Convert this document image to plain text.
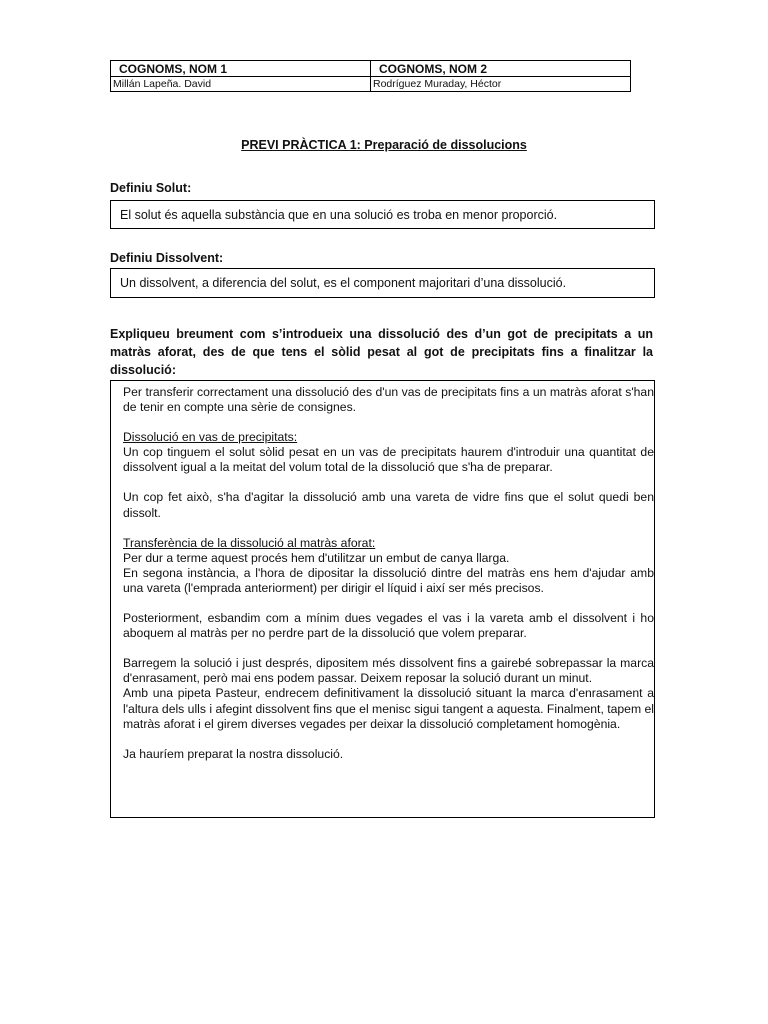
COGNOMS, NOM 1	COGNOMS, NOM 2
Millán Lapeña. David	Rodríguez Muraday, Héctor
PREVI PRÀCTICA 1: Preparació de dissolucions
Definiu Solut:
El solut és aquella substància que en una solució es troba en menor proporció.
Definiu Dissolvent:
Un dissolvent, a diferencia del solut, es el component majoritari d’una dissolució.
Expliqueu breument com s’introdueix una dissolució des d’un got de precipitats a un matràs aforat, des de que tens el sòlid pesat al got de precipitats fins a finalitzar la dissolució:

Per transferir correctament una dissolució des d'un vas de precipitats fins a un matràs aforat s'han de tenir en compte una sèrie de consignes.

Dissolució en vas de precipitats:

Un cop tinguem el solut sòlid pesat en un vas de precipitats haurem d'introduir una quantitat de dissolvent igual a la meitat del volum total de la dissolució que s'ha de preparar.

Un cop fet això, s'ha d'agitar la dissolució amb una vareta de vidre fins que el solut quedi ben dissolt.

Transferència de la dissolució al matràs aforat:

Per dur a terme aquest procés hem d'utilitzar un embut de canya llarga.

En segona instància, a l'hora de dipositar la dissolució dintre del matràs ens hem d'ajudar amb una vareta (l'emprada anteriorment) per dirigir el líquid i així ser més precisos.

Posteriorment, esbandim com a mínim dues vegades el vas i la vareta amb el dissolvent i ho aboquem al matràs per no perdre part de la dissolució que volem preparar.

Barregem la solució i just després, dipositem més dissolvent fins a gairebé sobrepassar la marca d'enrasament, però mai ens podem passar. Deixem reposar la solució durant un minut.

Amb una pipeta Pasteur, endrecem definitivament la dissolució situant la marca d'enrasament a l'altura dels ulls i afegint dissolvent fins que el menisc sigui tangent a aquesta. Finalment, tapem el matràs aforat i el girem diverses vegades per deixar la dissolució completament homogènia.

Ja hauríem preparat la nostra dissolució.
